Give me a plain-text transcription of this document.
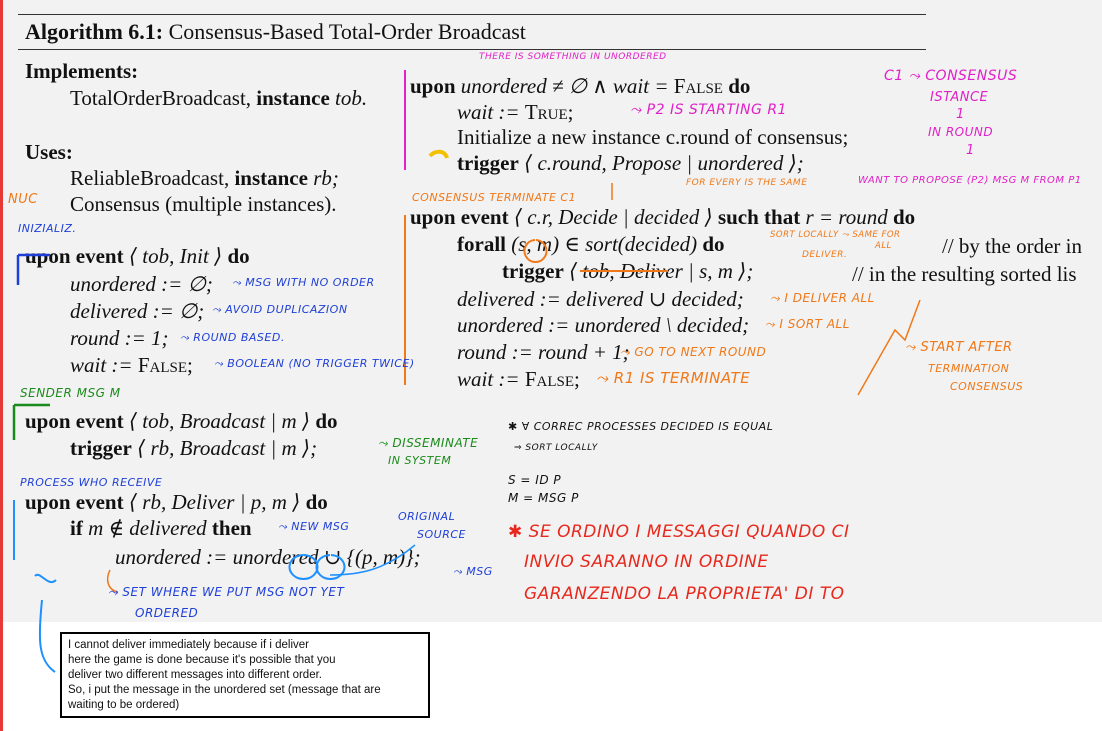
Algorithm 6.1: Consensus-Based Total-Order Broadcast
Implements:
TotalOrderBroadcast, instance tob.
Uses:
ReliableBroadcast, instance rb;
Consensus (multiple instances).
upon event ⟨ tob, Init ⟩ do
unordered := ∅;
delivered := ∅;
round := 1;
wait := False;
upon event ⟨ tob, Broadcast | m ⟩ do
trigger ⟨ rb, Broadcast | m ⟩;
upon event ⟨ rb, Deliver | p, m ⟩ do
if m ∉ delivered then
unordered := unordered ∪ {(p, m)};
upon unordered ≠ ∅ ∧ wait = False do
wait := True;
Initialize a new instance c.round of consensus;
trigger ⟨ c.round, Propose | unordered ⟩;
upon event ⟨ c.r, Decide | decided ⟩ such that r = round do
forall (s, m) ∈ sort(decided) do	// by the order in
trigger ⟨ tob, Deliver | s, m ⟩;	// in the resulting sorted lis
delivered := delivered ∪ decided;
unordered := unordered \ decided;
round := round + 1;
wait := False;
THERE IS SOMETHING IN UNORDERED
⤳ P2 IS STARTING R1
C1 ⤳ CONSENSUS
ISTANCE
1
IN ROUND
1
WANT TO PROPOSE (P2) MSG M FROM P1
CONSENSUS TERMINATE C1
FOR EVERY IS THE SAME
SORT LOCALLY ⤳ SAME FOR
ALL
DELIVER.
⤳ I DELIVER ALL
⤳ I SORT ALL
⤳ GO TO NEXT ROUND
⤳ R1 IS TERMINATE
⤳ START AFTER
TERMINATION
CONSENSUS
NUC
INIZIALIZ.
⤳ MSG WITH NO ORDER
⤳ AVOID DUPLICAZION
⤳ ROUND BASED.
⤳ BOOLEAN (NO TRIGGER TWICE)
⤳ NEW MSG
PROCESS WHO RECEIVE
ORIGINAL
SOURCE
⤳ MSG
⤳ SET WHERE WE PUT MSG NOT YET
ORDERED
SENDER MSG M
⤳ DISSEMINATE
IN SYSTEM
✱ ∀ CORREC PROCESSES DECIDED IS EQUAL
⇒ SORT LOCALLY
S = ID P
M = MSG P
✱ SE ORDINO I MESSAGGI QUANDO CI
INVIO SARANNO IN ORDINE
GARANZENDO LA PROPRIETA' DI TO
I cannot deliver immediately because if i deliver
here the game is done because it's possible that you
deliver two different messages into different order.
So, i put the message in the unordered set (message that are
waiting to be ordered)
